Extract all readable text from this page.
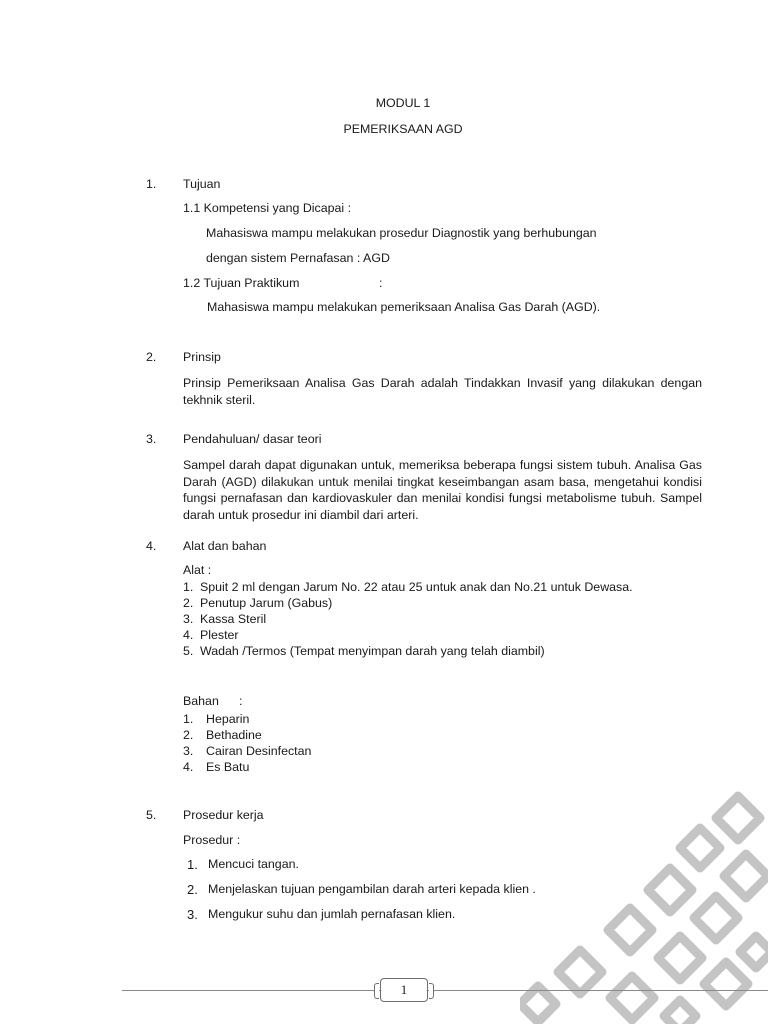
MODUL 1
PEMERIKSAAN AGD
1. Tujuan
1.1 Kompetensi yang Dicapai :
Mahasiswa mampu melakukan prosedur Diagnostik yang berhubungan
dengan sistem Pernafasan : AGD
1.2 Tujuan Praktikum	:
Mahasiswa mampu melakukan pemeriksaan Analisa Gas Darah (AGD).
2. Prinsip
Prinsip Pemeriksaan Analisa Gas Darah adalah Tindakkan Invasif yang dilakukan dengan tekhnik steril.
3. Pendahuluan/ dasar teori
Sampel darah dapat digunakan untuk, memeriksa beberapa fungsi sistem tubuh. Analisa Gas Darah (AGD) dilakukan untuk menilai tingkat keseimbangan asam basa, mengetahui kondisi fungsi pernafasan dan kardiovaskuler dan menilai kondisi fungsi metabolisme tubuh. Sampel darah untuk prosedur ini diambil dari arteri.
4. Alat dan bahan
Alat :
1. Spuit 2 ml dengan Jarum No. 22 atau 25 untuk anak dan No.21 untuk Dewasa.
2. Penutup Jarum (Gabus)
3. Kassa Steril
4. Plester
5. Wadah /Termos (Tempat menyimpan darah yang telah diambil)
Bahan :
1.	Heparin
2.	Bethadine
3.	Cairan Desinfectan
4.	Es Batu
5. Prosedur kerja
Prosedur :
1. Mencuci tangan.
2. Menjelaskan tujuan pengambilan darah arteri kepada klien .
3. Mengukur suhu dan jumlah pernafasan klien.
1
